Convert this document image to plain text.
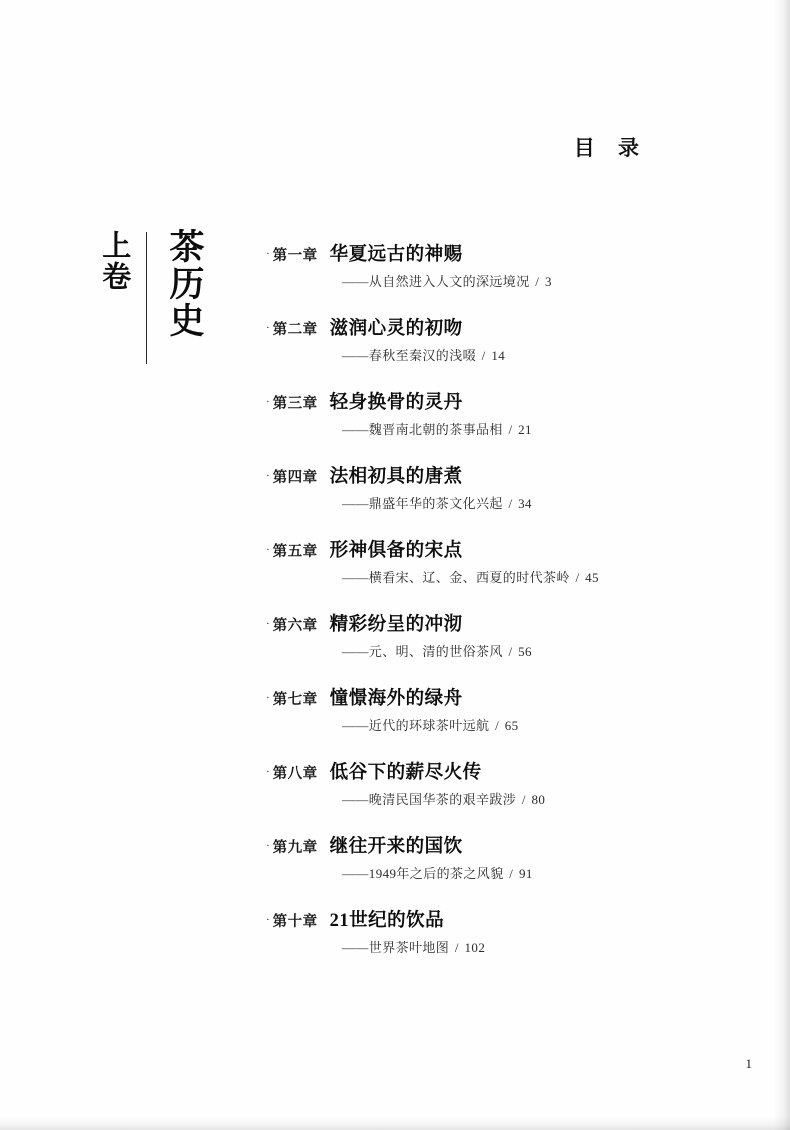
目 录
茶历史
上卷	· 第一章 华夏远古的神赐
——从自然进入人文的深远境况 / 3
· 第二章 滋润心灵的初吻
——春秋至秦汉的浅啜 / 14
· 第三章 轻身换骨的灵丹
——魏晋南北朝的茶事品相 / 21
· 第四章 法相初具的唐煮
——鼎盛年华的茶文化兴起 / 34
· 第五章 形神俱备的宋点
——横看宋、辽、金、西夏的时代茶岭 / 45
· 第六章 精彩纷呈的冲沏
——元、明、清的世俗茶风 / 56
· 第七章 憧憬海外的绿舟
——近代的环球茶叶远航 / 65
· 第八章 低谷下的薪尽火传
——晚清民国华茶的艰辛跋涉 / 80
· 第九章 继往开来的国饮
——1949年之后的茶之风貌 / 91
· 第十章 21世纪的饮品
——世界茶叶地图 / 102
1
